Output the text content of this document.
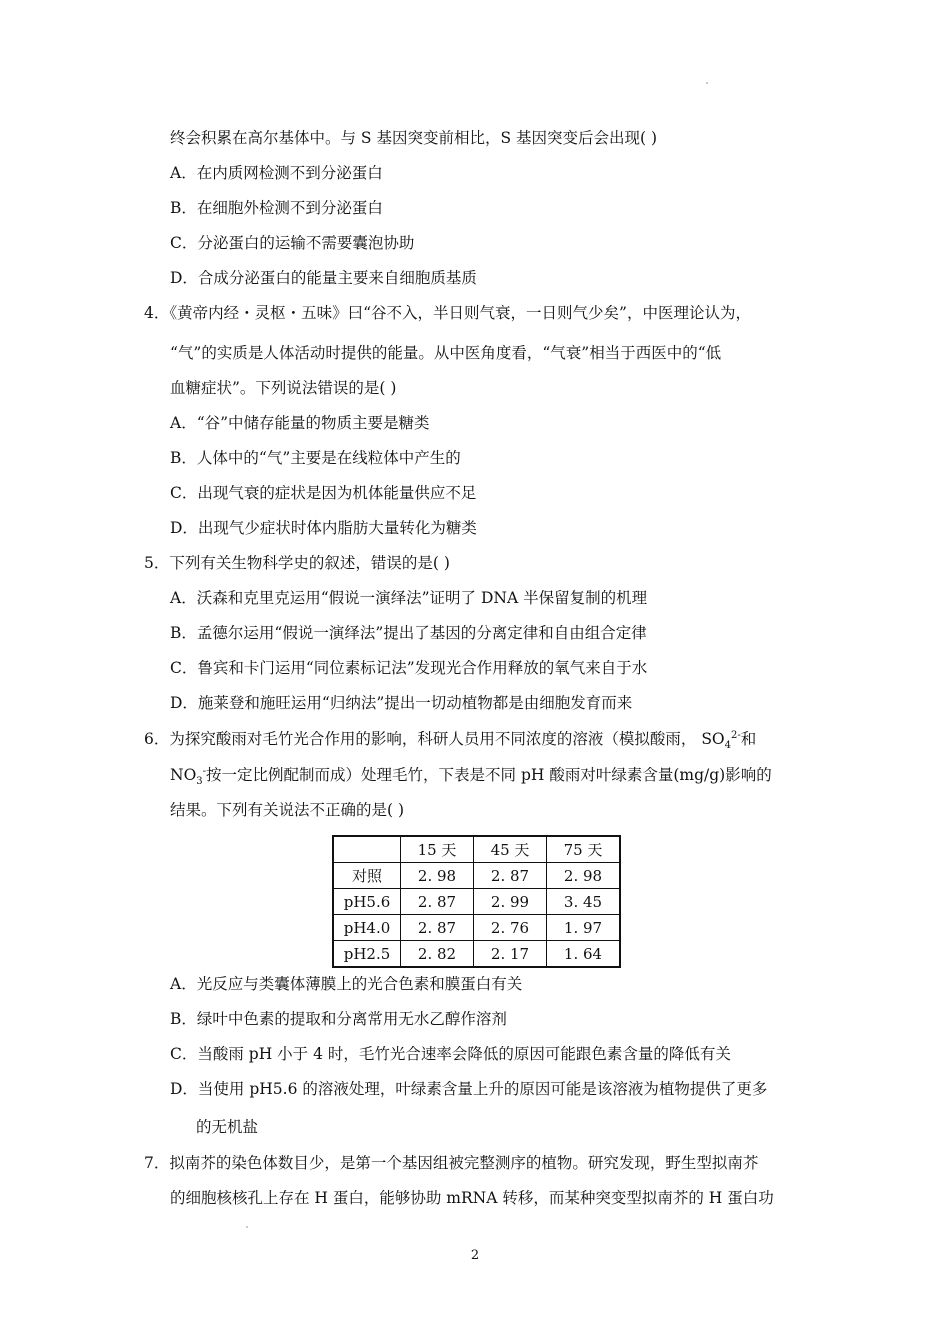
终会积累在高尔基体中。与 S 基因突变前相比，S 基因突变后会出现( )
A．在内质网检测不到分泌蛋白
B．在细胞外检测不到分泌蛋白
C．分泌蛋白的运输不需要囊泡协助
D．合成分泌蛋白的能量主要来自细胞质基质
4．《黄帝内经・灵枢・五味》曰“谷不入，半日则气衰，一日则气少矣”，中医理论认为，
“气”的实质是人体活动时提供的能量。从中医角度看，“气衰”相当于西医中的“低
血糖症状”。下列说法错误的是( )
A．“谷”中储存能量的物质主要是糖类
B．人体中的“气”主要是在线粒体中产生的
C．出现气衰的症状是因为机体能量供应不足
D．出现气少症状时体内脂肪大量转化为糖类
5．下列有关生物科学史的叙述，错误的是( )
A．沃森和克里克运用“假说一演绎法”证明了 DNA 半保留复制的机理
B．孟德尔运用“假说一演绎法”提出了基因的分离定律和自由组合定律
C．鲁宾和卡门运用“同位素标记法”发现光合作用释放的氧气来自于水
D．施莱登和施旺运用“归纳法”提出一切动植物都是由细胞发育而来
6．为探究酸雨对毛竹光合作用的影响，科研人员用不同浓度的溶液（模拟酸雨， $SO_4^{2-}$和
$NO_3^-$按一定比例配制而成）处理毛竹，下表是不同 pH 酸雨对叶绿素含量(mg/g)影响的
结果。下列有关说法不正确的是( )
	15 天	45 天	75 天
对照	2. 98	2. 87	2. 98
pH5.6	2. 87	2. 99	3. 45
pH4.0	2. 87	2. 76	1. 97
pH2.5	2. 82	2. 17	1. 64
A．光反应与类囊体薄膜上的光合色素和膜蛋白有关
B．绿叶中色素的提取和分离常用无水乙醇作溶剂
C．当酸雨 pH 小于 4 时，毛竹光合速率会降低的原因可能跟色素含量的降低有关
D．当使用 pH5.6 的溶液处理，叶绿素含量上升的原因可能是该溶液为植物提供了更多
的无机盐
7．拟南芥的染色体数目少，是第一个基因组被完整测序的植物。研究发现，野生型拟南芥
的细胞核核孔上存在 H 蛋白，能够协助 mRNA 转移，而某种突变型拟南芥的 H 蛋白功
2
